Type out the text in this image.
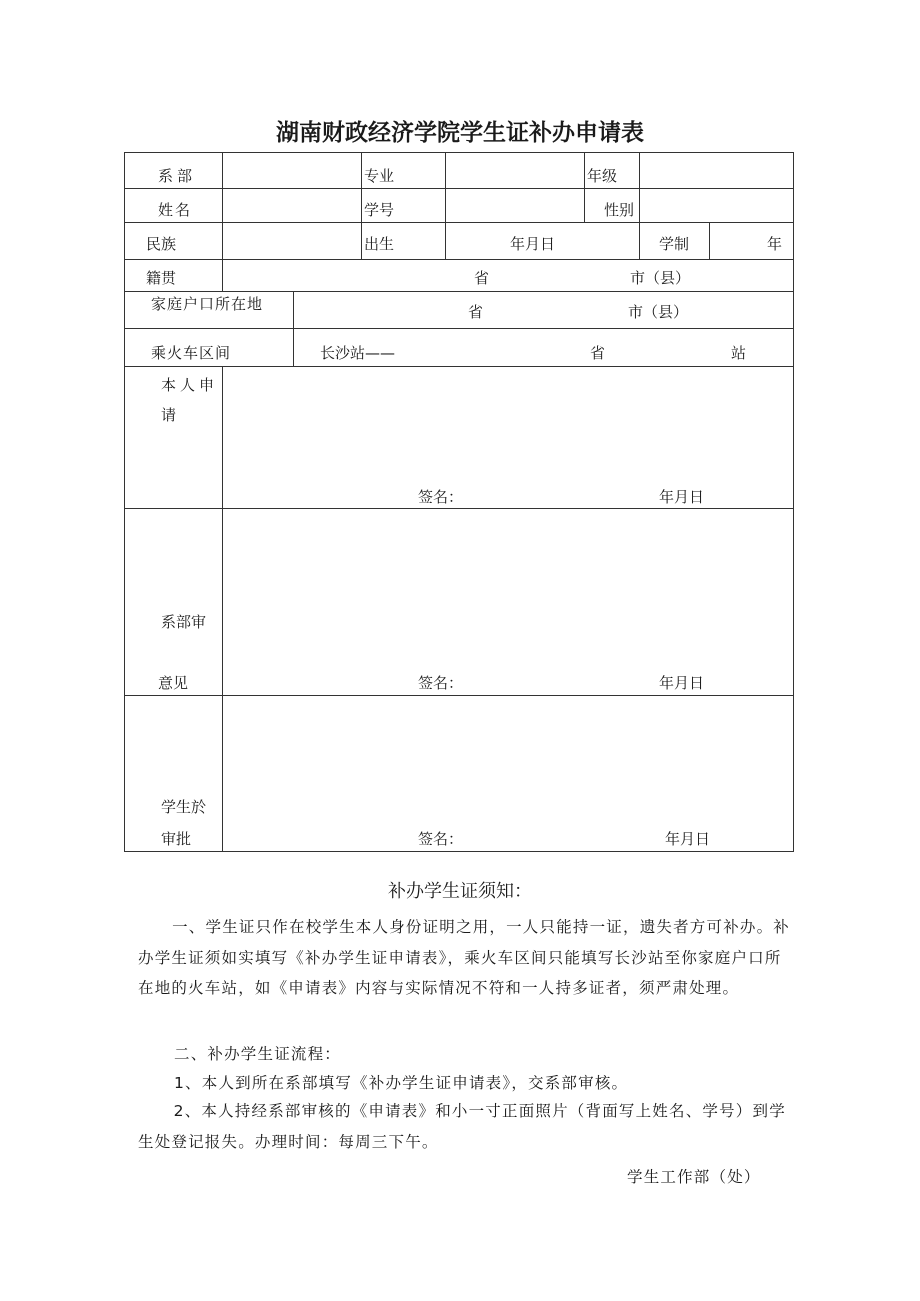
湖南财政经济学院学生证补办申请表
系部	专业	年级
姓名	学号	性别
民族	出生	年月日	学制	年
籍贯	省	市（县）
家庭户口所在地	省	市（县）
乘火车区间	长沙站——	省	站
本人申
请
签名：	年月日
系部审
意见	签名：	年月日
学生於
审批	签名：	年月日
补办学生证须知：
一、学生证只作在校学生本人身份证明之用，一人只能持一证，遗失者方可补办。补办学生证须如实填写《补办学生证申请表》，乘火车区间只能填写长沙站至你家庭户口所在地的火车站，如《申请表》内容与实际情况不符和一人持多证者，须严肃处理。
二、补办学生证流程：
1、本人到所在系部填写《补办学生证申请表》，交系部审核。
2、本人持经系部审核的《申请表》和小一寸正面照片（背面写上姓名、学号）到学生处登记报失。办理时间：每周三下午。
学生工作部（处）
